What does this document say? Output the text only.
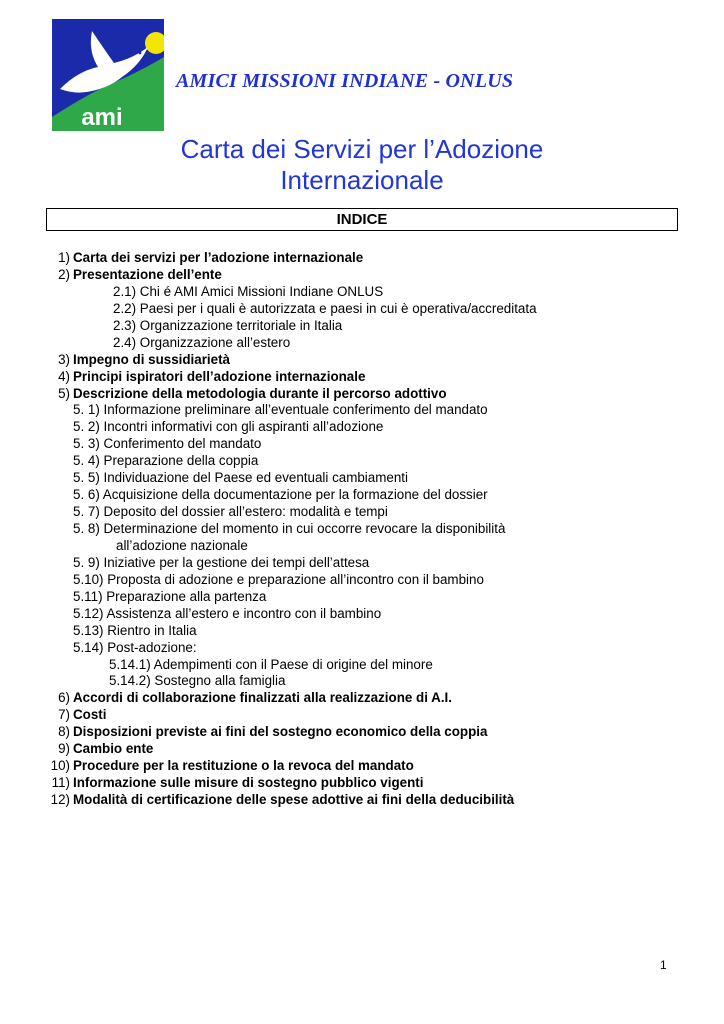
ami
AMICI MISSIONI INDIANE - ONLUS
Carta dei Servizi per l’Adozione
Internazionale
INDICE
1) Carta dei servizi per l’adozione internazionale
2) Presentazione dell’ente
2.1) Chi é AMI Amici Missioni Indiane ONLUS
2.2) Paesi per i quali è autorizzata e paesi in cui è operativa/accreditata
2.3) Organizzazione territoriale in Italia
2.4) Organizzazione all’estero
3) Impegno di sussidiarietà
4) Principi ispiratori dell’adozione internazionale
5) Descrizione della metodologia durante il percorso adottivo
5. 1) Informazione preliminare all’eventuale conferimento del mandato
5. 2) Incontri informativi con gli aspiranti all’adozione
5. 3) Conferimento del mandato
5. 4) Preparazione della coppia
5. 5) Individuazione del Paese ed eventuali cambiamenti
5. 6) Acquisizione della documentazione per la formazione del dossier
5. 7) Deposito del dossier all’estero: modalità e tempi
5. 8) Determinazione del momento in cui occorre revocare la disponibilità
all’adozione nazionale
5. 9) Iniziative per la gestione dei tempi dell’attesa
5.10) Proposta di adozione e preparazione all’incontro con il bambino
5.11) Preparazione alla partenza
5.12) Assistenza all’estero e incontro con il bambino
5.13) Rientro in Italia
5.14) Post-adozione:
5.14.1) Adempimenti con il Paese di origine del minore
5.14.2) Sostegno alla famiglia
6) Accordi di collaborazione finalizzati alla realizzazione di A.I.
7) Costi
8) Disposizioni previste ai fini del sostegno economico della coppia
9) Cambio ente
10) Procedure per la restituzione o la revoca del mandato
11) Informazione sulle misure di sostegno pubblico vigenti
12) Modalità di certificazione delle spese adottive ai fini della deducibilità
1
